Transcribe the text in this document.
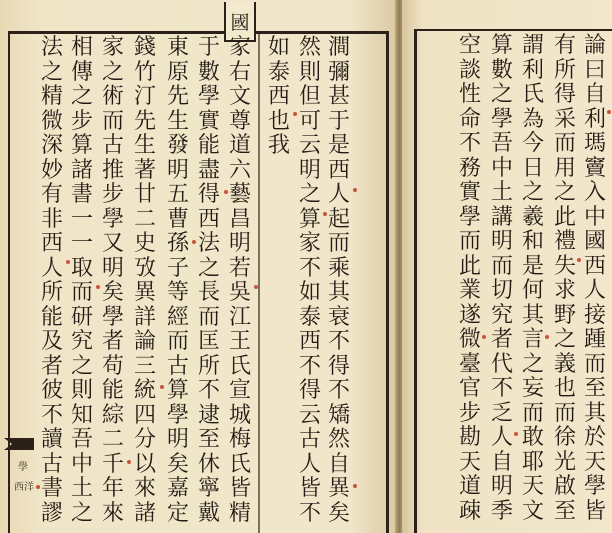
國
澗
彌
甚
于
是
西
人
起
而
乘
其
衰
不
得
不
矯
然
自
異
矣
然
則
但
可
云
明
之
算
家
不
如
泰
西
不
得
云
古
人
皆
不
如
泰
西
也
我
家
右
文
尊
道
六
藝
昌
明
若
吳
江
王
氏
宣
城
梅
氏
皆
精
于
數
學
實
能
盡
得
西
法
之
長
而
匡
所
不
逮
至
休
寧
戴
東
原
先
生
發
明
五
曹
孫
子
等
經
而
古
算
學
明
矣
嘉
定
錢
竹
汀
先
生
著
廿
二
史
攷
異
詳
論
三
統
四
分
以
來
諸
家
之
術
而
古
推
步
學
又
明
矣
學
者
苟
能
綜
二
千
年
來
相
傳
之
步
算
諸
書
一
一
取
而
研
究
之
則
知
吾
中
土
之
法
之
精
微
深
妙
有
非
西
人
所
能
及
者
彼
不
讀
古
書
謬
論
曰
自
利
瑪
竇
入
中
國
西
人
接
踵
而
至
其
於
天
學
皆
有
所
得
采
而
用
之
此
禮
失
求
野
之
義
也
而
徐
光
啟
至
謂
利
氏
為
今
日
之
羲
和
是
何
其
言
之
妄
而
敢
耶
天
文
算
數
之
學
吾
中
土
講
明
而
切
究
者
代
不
乏
人
自
明
季
空
談
性
命
不
務
實
學
而
此
業
遂
微
臺
官
步
勘
天
道
疎
學
西洋
